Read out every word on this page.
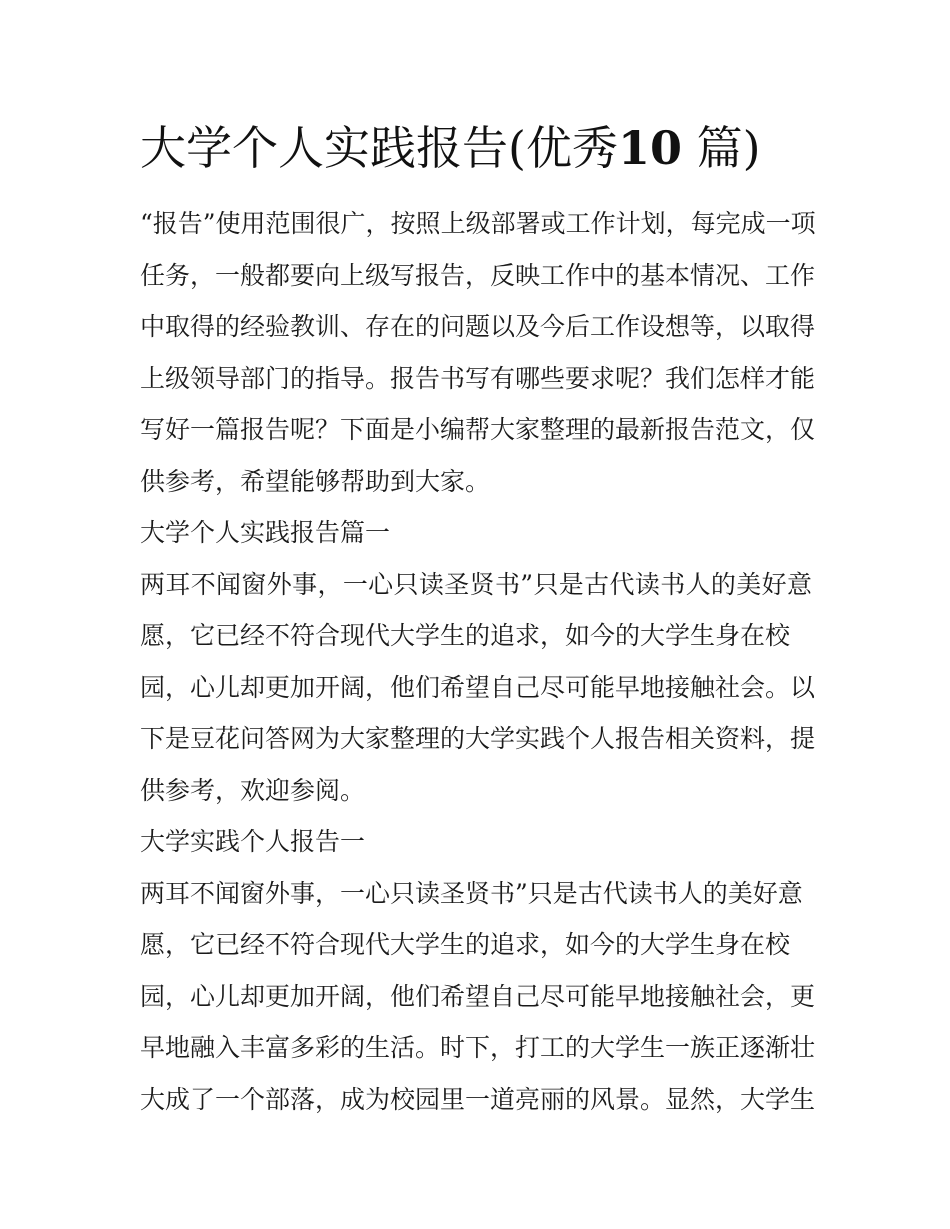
大学个人实践报告(优秀10 篇)
“报告”使用范围很广，按照上级部署或工作计划，每完成一项
任务，一般都要向上级写报告，反映工作中的基本情况、工作
中取得的经验教训、存在的问题以及今后工作设想等，以取得
上级领导部门的指导。报告书写有哪些要求呢？我们怎样才能
写好一篇报告呢？下面是小编帮大家整理的最新报告范文，仅
供参考，希望能够帮助到大家。
大学个人实践报告篇一
两耳不闻窗外事，一心只读圣贤书”只是古代读书人的美好意
愿，它已经不符合现代大学生的追求，如今的大学生身在校
园，心儿却更加开阔，他们希望自己尽可能早地接触社会。以
下是豆花问答网为大家整理的大学实践个人报告相关资料，提
供参考，欢迎参阅。
大学实践个人报告一
两耳不闻窗外事，一心只读圣贤书”只是古代读书人的美好意
愿，它已经不符合现代大学生的追求，如今的大学生身在校
园，心儿却更加开阔，他们希望自己尽可能早地接触社会，更
早地融入丰富多彩的生活。时下，打工的大学生一族正逐渐壮
大成了一个部落，成为校园里一道亮丽的风景。显然，大学生
